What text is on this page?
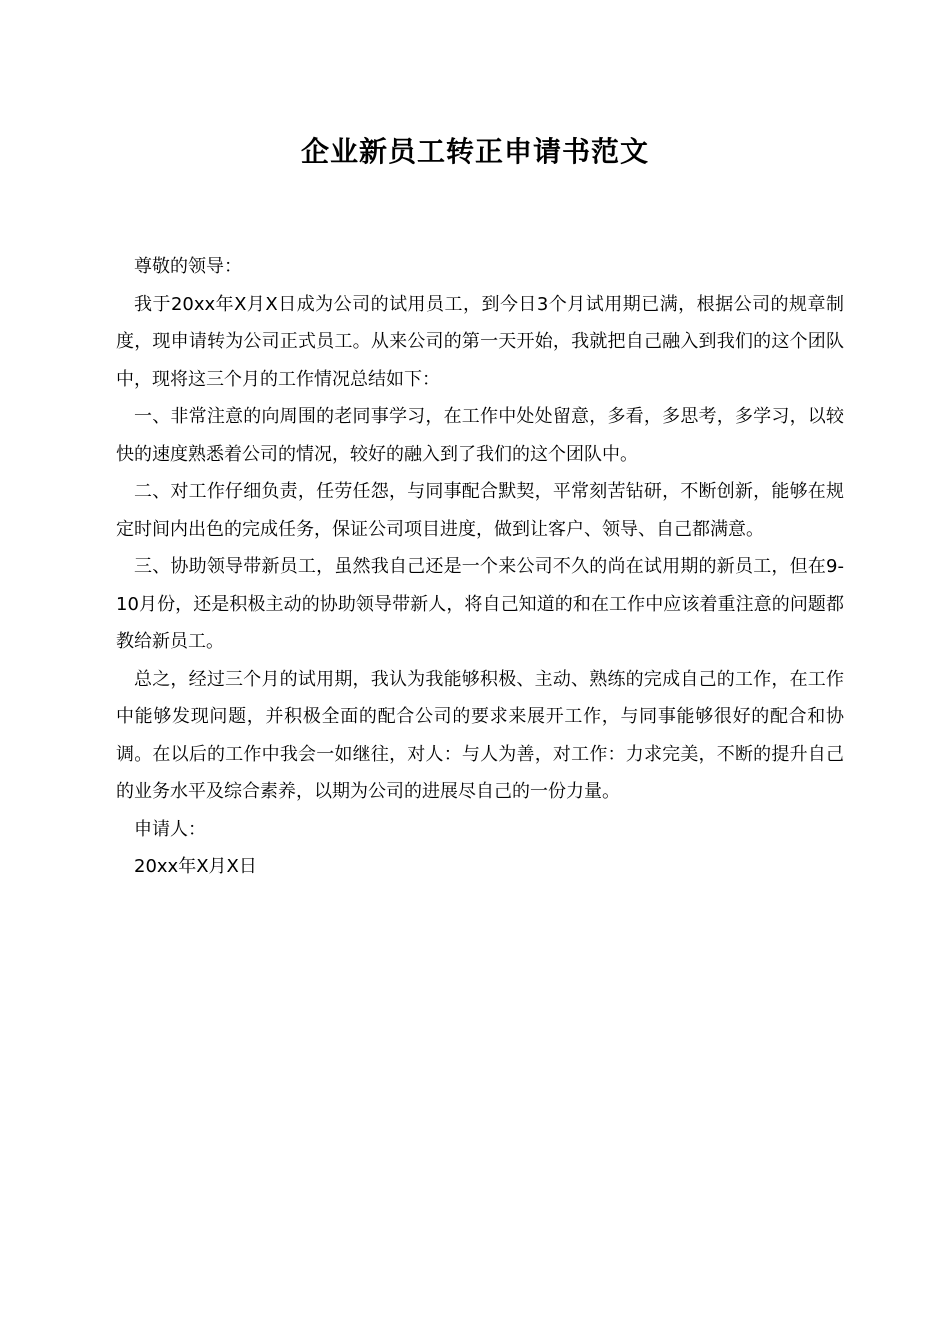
企业新员工转正申请书范文

尊敬的领导：

我于20xx年X月X日成为公司的试用员工，到今日3个月试用期已满，根据公司的规章制度，现申请转为公司正式员工。从来公司的第一天开始，我就把自己融入到我们的这个团队中，现将这三个月的工作情况总结如下：

一、非常注意的向周围的老同事学习，在工作中处处留意，多看，多思考，多学习，以较快的速度熟悉着公司的情况，较好的融入到了我们的这个团队中。

二、对工作仔细负责，任劳任怨，与同事配合默契，平常刻苦钻研，不断创新，能够在规定时间内出色的完成任务，保证公司项目进度，做到让客户、领导、自己都满意。

三、协助领导带新员工，虽然我自己还是一个来公司不久的尚在试用期的新员工，但在9-10月份，还是积极主动的协助领导带新人，将自己知道的和在工作中应该着重注意的问题都教给新员工。

总之，经过三个月的试用期，我认为我能够积极、主动、熟练的完成自己的工作，在工作中能够发现问题，并积极全面的配合公司的要求来展开工作，与同事能够很好的配合和协调。在以后的工作中我会一如继往，对人：与人为善，对工作：力求完美，不断的提升自己的业务水平及综合素养，以期为公司的进展尽自己的一份力量。

申请人：

20xx年X月X日
